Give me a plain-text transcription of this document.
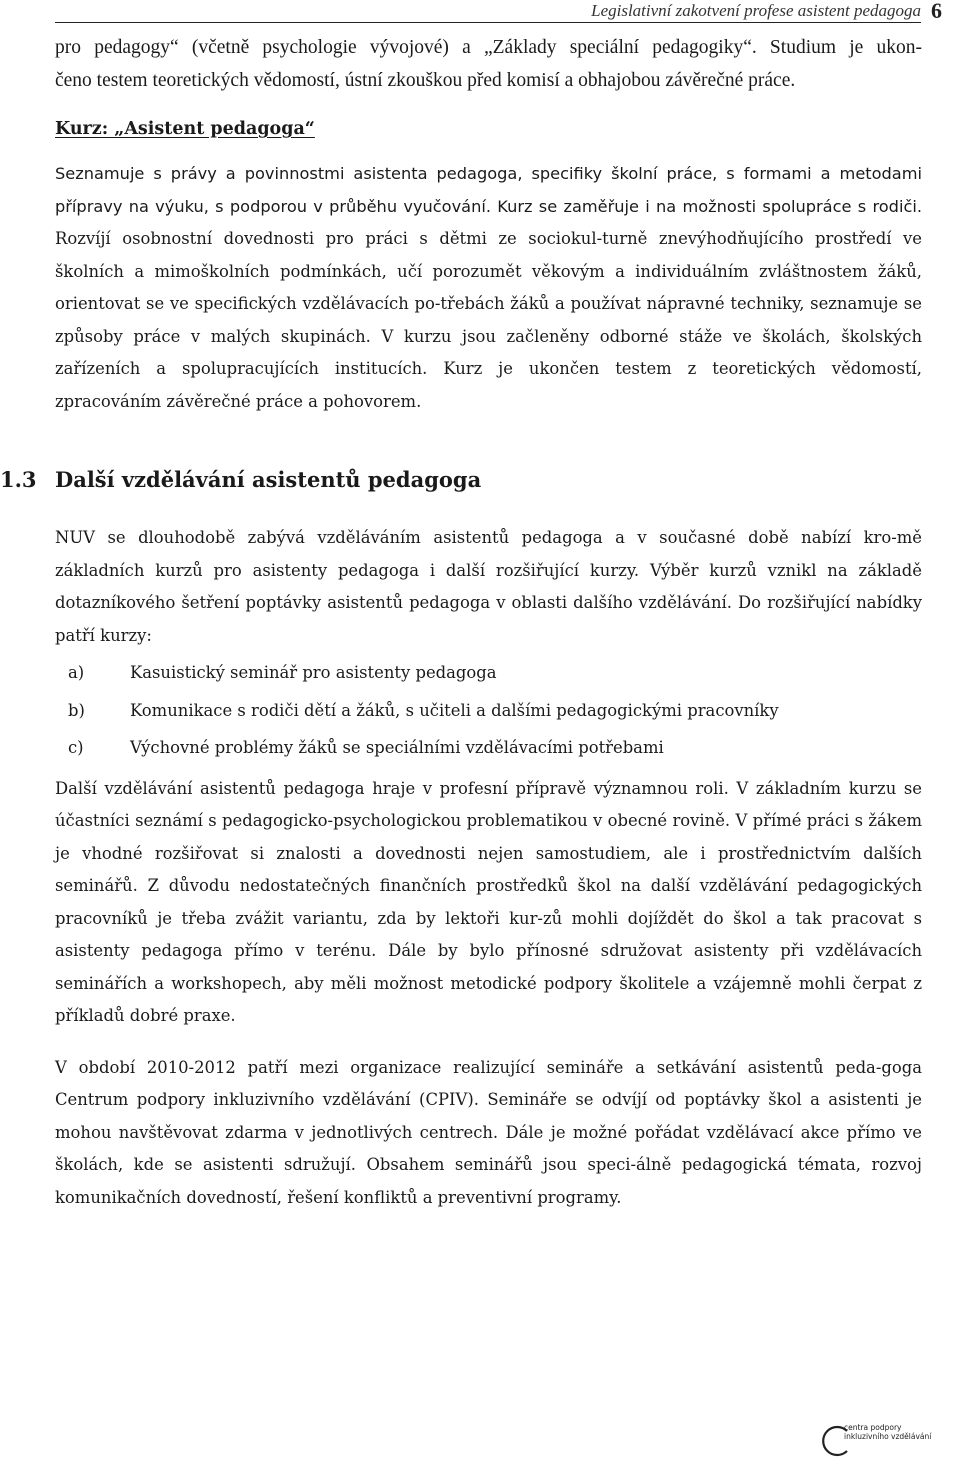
Legislativní zakotvení profese asistent pedagoga 6
pro pedagogy“ (včetně psychologie vývojové) a „Základy speciální pedagogiky“. Studium je ukon-
čeno testem teoretických vědomostí, ústní zkouškou před komisí a obhajobou závěrečné práce.
Kurz: „Asistent pedagoga“

Seznamuje s právy a povinnostmi asistenta pedagoga, specifiky školní práce, s formami a metodami přípravy na výuku, s podporou v průběhu vyučování. Kurz se zaměřuje i na možnosti spolupráce s rodiči. Rozvíjí osobnostní dovednosti pro práci s dětmi ze sociokul-turně znevýhodňujícího prostředí ve školních a mimoškolních podmínkách, učí porozumět věkovým a individuálním zvláštnostem žáků, orientovat se ve specifických vzdělávacích po-třebách žáků a používat nápravné techniky, seznamuje se způsoby práce v malých skupinách. V kurzu jsou začleněny odborné stáže ve školách, školských zařízeních a spolupracujících institucích. Kurz je ukončen testem z teoretických vědomostí, zpracováním závěrečné práce a pohovorem.

1.3 Další vzdělávání asistentů pedagoga

NUV se dlouhodobě zabývá vzděláváním asistentů pedagoga a v současné době nabízí kro-mě základních kurzů pro asistenty pedagoga i další rozšiřující kurzy. Výběr kurzů vznikl na základě dotazníkového šetření poptávky asistentů pedagoga v oblasti dalšího vzdělávání. Do rozšiřující nabídky patří kurzy:

a)	Kasuistický seminář pro asistenty pedagoga
b)	Komunikace s rodiči dětí a žáků, s učiteli a dalšími pedagogickými pracovníky
c)	Výchovné problémy žáků se speciálními vzdělávacími potřebami

Další vzdělávání asistentů pedagoga hraje v profesní přípravě významnou roli. V základním kurzu se účastníci seznámí s pedagogicko-psychologickou problematikou v obecné rovině. V přímé práci s žákem je vhodné rozšiřovat si znalosti a dovednosti nejen samostudiem, ale i prostřednictvím dalších seminářů. Z důvodu nedostatečných finančních prostředků škol na další vzdělávání pedagogických pracovníků je třeba zvážit variantu, zda by lektoři kur-zů mohli dojíždět do škol a tak pracovat s asistenty pedagoga přímo v terénu. Dále by bylo přínosné sdružovat asistenty při vzdělávacích seminářích a workshopech, aby měli možnost metodické podpory školitele a vzájemně mohli čerpat z příkladů dobré praxe.

V období 2010-2012 patří mezi organizace realizující semináře a setkávání asistentů peda-goga Centrum podpory inkluzivního vzdělávání (CPIV). Semináře se odvíjí od poptávky škol a asistenti je mohou navštěvovat zdarma v jednotlivých centrech. Dále je možné pořádat vzdělávací akce přímo ve školách, kde se asistenti sdružují. Obsahem seminářů jsou speci-álně pedagogická témata, rozvoj komunikačních dovedností, řešení konfliktů a preventivní programy.

centra podpory
inkluzivního vzdělávání
